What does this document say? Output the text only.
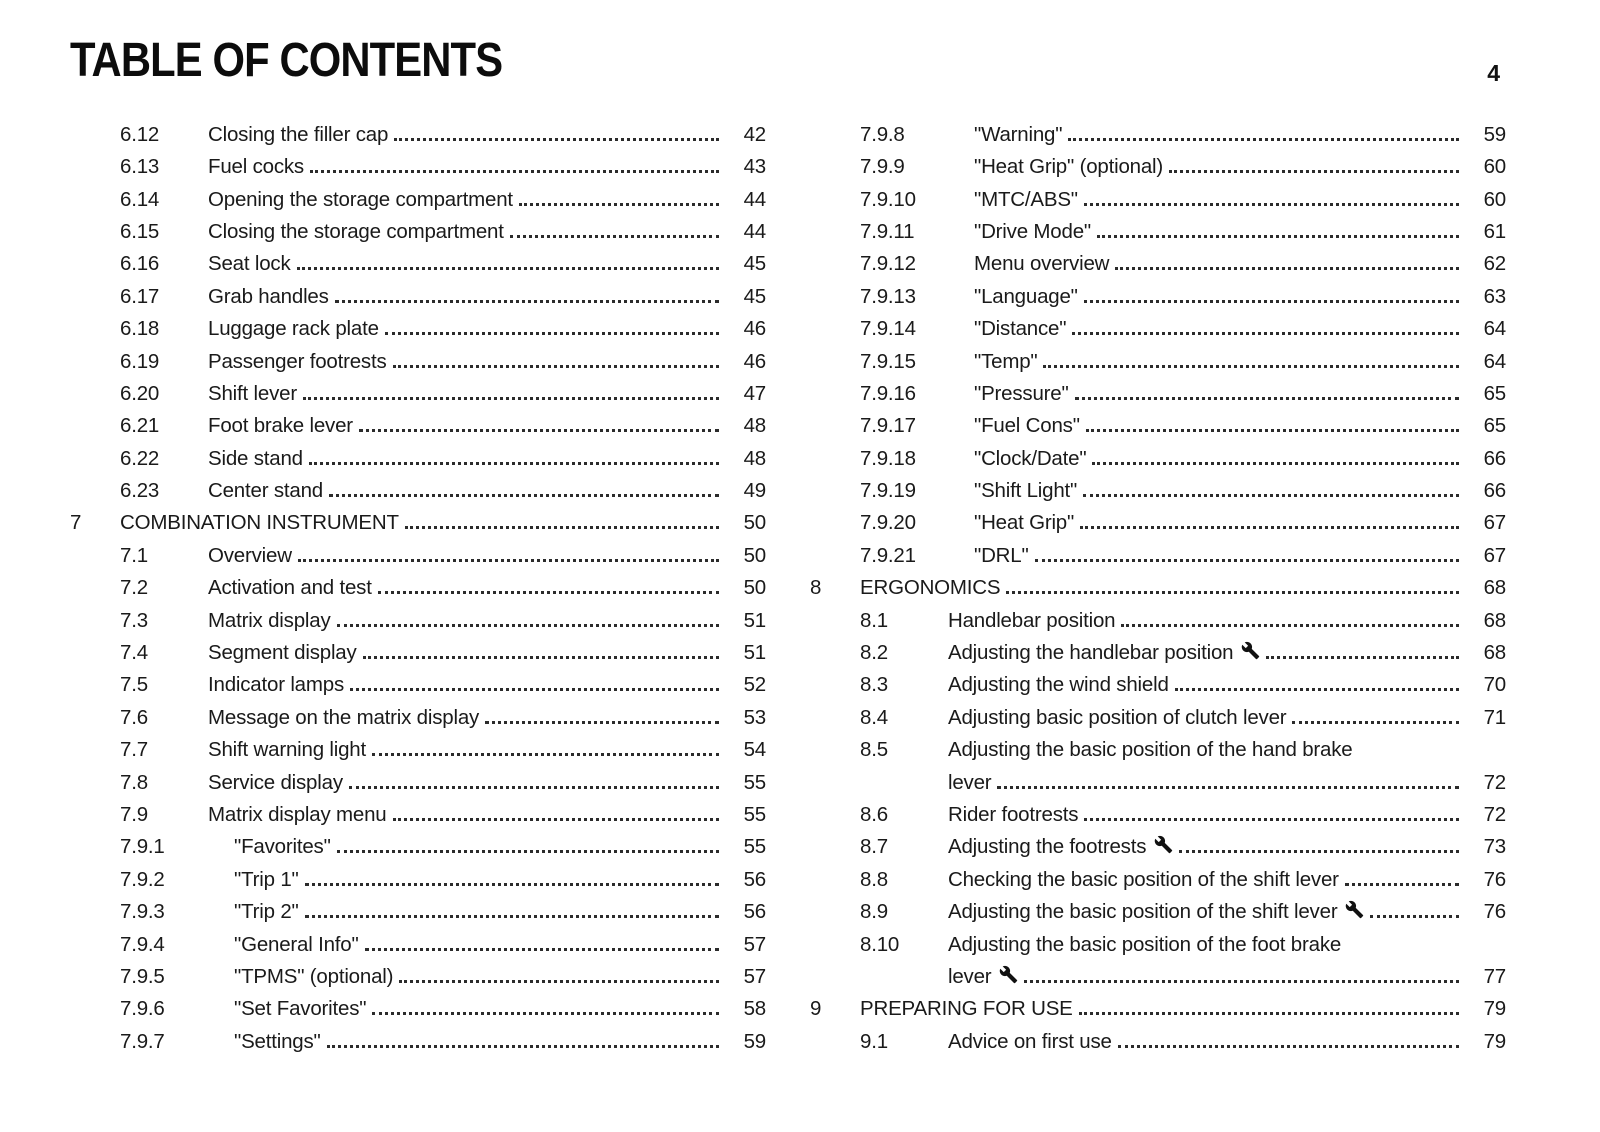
TABLE OF CONTENTS	4
6.12	Closing the filler cap	42
6.13	Fuel cocks	43
6.14	Opening the storage compartment	44
6.15	Closing the storage compartment	44
6.16	Seat lock	45
6.17	Grab handles	45
6.18	Luggage rack plate	46
6.19	Passenger footrests	46
6.20	Shift lever	47
6.21	Foot brake lever	48
6.22	Side stand	48
6.23	Center stand	49
7	COMBINATION INSTRUMENT	50
7.1	Overview	50
7.2	Activation and test	50
7.3	Matrix display	51
7.4	Segment display	51
7.5	Indicator lamps	52
7.6	Message on the matrix display	53
7.7	Shift warning light	54
7.8	Service display	55
7.9	Matrix display menu	55
7.9.1	"Favorites"	55
7.9.2	"Trip 1"	56
7.9.3	"Trip 2"	56
7.9.4	"General Info"	57
7.9.5	"TPMS" (optional)	57
7.9.6	"Set Favorites"	58
7.9.7	"Settings"	59
7.9.8	"Warning"	59
7.9.9	"Heat Grip" (optional)	60
7.9.10	"MTC/ABS"	60
7.9.11	"Drive Mode"	61
7.9.12	Menu overview	62
7.9.13	"Language"	63
7.9.14	"Distance"	64
7.9.15	"Temp"	64
7.9.16	"Pressure"	65
7.9.17	"Fuel Cons"	65
7.9.18	"Clock/Date"	66
7.9.19	"Shift Light"	66
7.9.20	"Heat Grip"	67
7.9.21	"DRL"	67
8	ERGONOMICS	68
8.1	Handlebar position	68
8.2	Adjusting the handlebar position	68
8.3	Adjusting the wind shield	70
8.4	Adjusting basic position of clutch lever	71
8.5	Adjusting the basic position of the hand brake
lever	72
8.6	Rider footrests	72
8.7	Adjusting the footrests	73
8.8	Checking the basic position of the shift lever	76
8.9	Adjusting the basic position of the shift lever	76
8.10	Adjusting the basic position of the foot brake
lever	77
9	PREPARING FOR USE	79
9.1	Advice on first use	79
